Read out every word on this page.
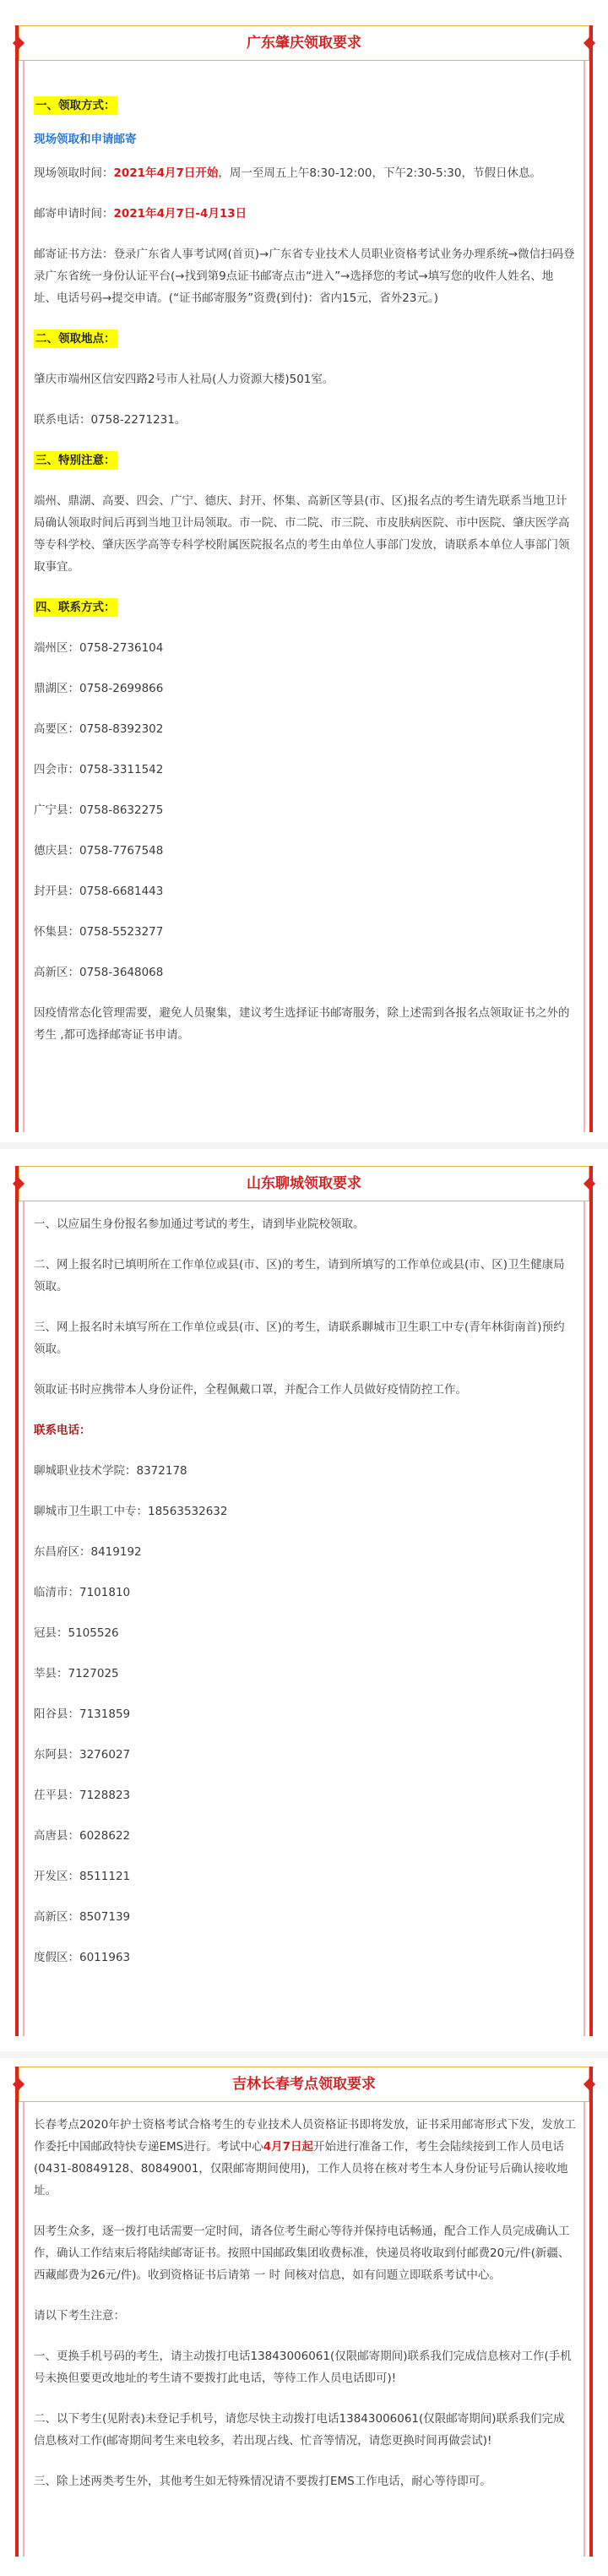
广东肇庆领取要求

一、领取方式：

现场领取和申请邮寄

现场领取时间：2021年4月7日开始，周一至周五上午8:30-12:00，下午2:30-5:30，节假日休息。

邮寄申请时间：2021年4月7日-4月13日

邮寄证书方法：登录广东省人事考试网(首页)→广东省专业技术人员职业资格考试业务办理系统→微信扫码登录广东省统一身份认证平台(→找到第9点证书邮寄点击“进入”→选择您的考试→填写您的收件人姓名、地址、电话号码→提交申请。(“证书邮寄服务”资费(到付)：省内15元，省外23元。)

二、领取地点：

肇庆市端州区信安四路2号市人社局(人力资源大楼)501室。

联系电话：0758-2271231。

三、特别注意：

端州、鼎湖、高要、四会、广宁、德庆、封开、怀集、高新区等县(市、区)报名点的考生请先联系当地卫计局确认领取时间后再到当地卫计局领取。市一院、市二院、市三院、市皮肤病医院、市中医院、肇庆医学高等专科学校、肇庆医学高等专科学校附属医院报名点的考生由单位人事部门发放，请联系本单位人事部门领取事宜。

四、联系方式：

端州区：0758-2736104

鼎湖区：0758-2699866

高要区：0758-8392302

四会市：0758-3311542

广宁县：0758-8632275

德庆县：0758-7767548

封开县：0758-6681443

怀集县：0758-5523277

高新区：0758-3648068

因疫情常态化管理需要，避免人员聚集，建议考生选择证书邮寄服务，除上述需到各报名点领取证书之外的考生 ,都可选择邮寄证书申请。

山东聊城领取要求

一、以应届生身份报名参加通过考试的考生，请到毕业院校领取。

二、网上报名时已填明所在工作单位或县(市、区)的考生，请到所填写的工作单位或县(市、区)卫生健康局领取。

三、网上报名时未填写所在工作单位或县(市、区)的考生，请联系聊城市卫生职工中专(青年林街南首)预约领取。

领取证书时应携带本人身份证件，全程佩戴口罩，并配合工作人员做好疫情防控工作。

联系电话：

聊城职业技术学院：8372178

聊城市卫生职工中专：18563532632

东昌府区：8419192

临清市：7101810

冠县：5105526

莘县：7127025

阳谷县：7131859

东阿县：3276027

茌平县：7128823

高唐县：6028622

开发区：8511121

高新区：8507139

度假区：6011963

吉林长春考点领取要求

长春考点2020年护士资格考试合格考生的专业技术人员资格证书即将发放，证书采用邮寄形式下发，发放工作委托中国邮政特快专递EMS进行。考试中心4月7日起开始进行准备工作，考生会陆续接到工作人员电话(0431-80849128、80849001，仅限邮寄期间使用)，工作人员将在核对考生本人身份证号后确认接收地址。

因考生众多，逐一拨打电话需要一定时间，请各位考生耐心等待并保持电话畅通，配合工作人员完成确认工作，确认工作结束后将陆续邮寄证书。按照中国邮政集团收费标准，快递员将收取到付邮费20元/件(新疆、西藏邮费为26元/件)。收到资格证书后请第 一 时 间核对信息，如有问题立即联系考试中心。

请以下考生注意：

一、更换手机号码的考生，请主动拨打电话13843006061(仅限邮寄期间)联系我们完成信息核对工作(手机号未换但要更改地址的考生请不要拨打此电话，等待工作人员电话即可)!

二、以下考生(见附表)未登记手机号，请您尽快主动拨打电话13843006061(仅限邮寄期间)联系我们完成信息核对工作(邮寄期间考生来电较多，若出现占线、忙音等情况，请您更换时间再做尝试)!

三、除上述两类考生外，其他考生如无特殊情况请不要拨打EMS工作电话，耐心等待即可。
